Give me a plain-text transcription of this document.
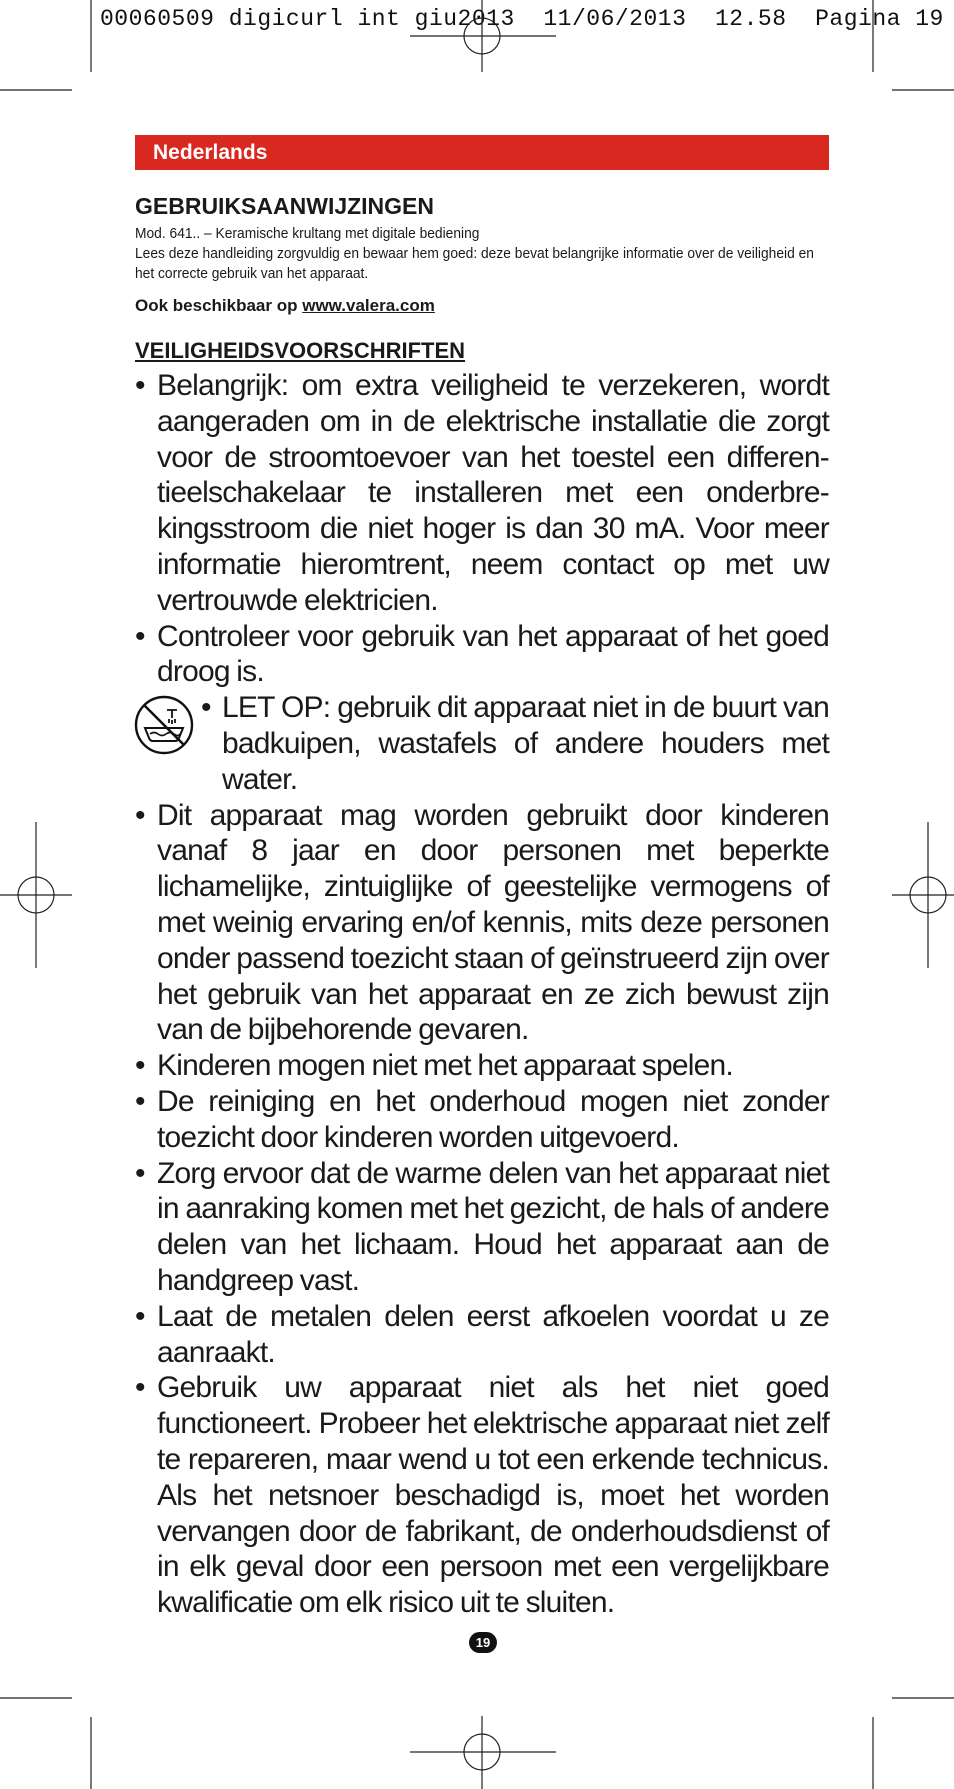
00060509 digicurl int giu2013  11/06/2013  12.58  Pagina 19
Nederlands
GEBRUIKSAANWIJZINGEN

Mod. 641.. – Keramische krultang met digitale bediening

Lees deze handleiding zorgvuldig en bewaar hem goed: deze bevat belangrijke informatie over de veiligheid en het correcte gebruik van het apparaat.

Ook beschikbaar op www.valera.com

VEILIGHEIDSVOORSCHRIFTEN
• Belangrijk: om extra veiligheid te verzekeren, wordt aangeraden om in de elektrische installatie die zorgt voor de stroomtoevoer van het toestel een differen- tieelschakelaar te installeren met een onderbre- kingsstroom die niet hoger is dan 30 mA. Voor meer informatie hieromtrent, neem contact op met uw vertrouwde elektricien.
• Controleer voor gebruik van het apparaat of het goed droog is.
• LET OP: gebruik dit apparaat niet in de buurt van badkuipen, wastafels of andere houders met water.
• Dit apparaat mag worden gebruikt door kinderen vanaf 8 jaar en door personen met beperkte lichamelijke, zintuiglijke of geestelijke vermogens of met weinig ervaring en/of kennis, mits deze personen onder passend toezicht staan of geïnstrueerd zijn over het gebruik van het apparaat en ze zich bewust zijn van de bijbehorende gevaren.
• Kinderen mogen niet met het apparaat spelen.
• De reiniging en het onderhoud mogen niet zonder toezicht door kinderen worden uitgevoerd.
• Zorg ervoor dat de warme delen van het apparaat niet in aanraking komen met het gezicht, de hals of andere delen van het lichaam. Houd het apparaat aan de handgreep vast.
• Laat de metalen delen eerst afkoelen voordat u ze aanraakt.
• Gebruik uw apparaat niet als het niet goed functioneert. Probeer het elektrische apparaat niet zelf te repareren, maar wend u tot een erkende technicus. Als het netsnoer beschadigd is, moet het worden vervangen door de fabrikant, de onderhoudsdienst of in elk geval door een persoon met een vergelijkbare kwalificatie om elk risico uit te sluiten.
19
